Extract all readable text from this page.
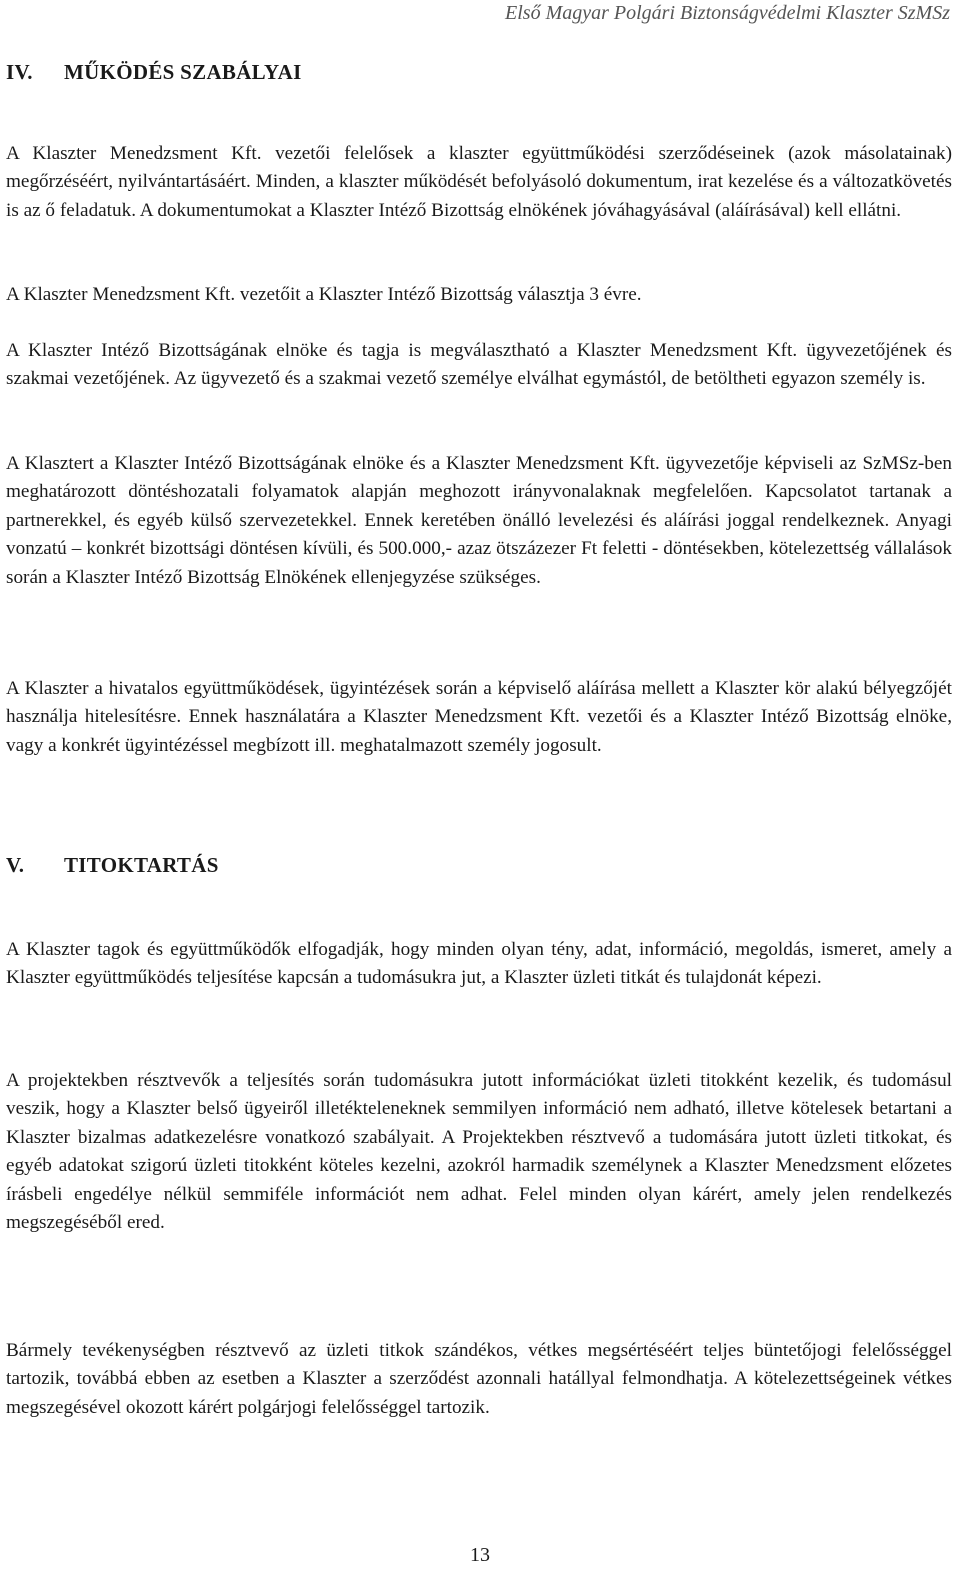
Első Magyar Polgári Biztonságvédelmi Klaszter SzMSz
IV. MŰKÖDÉS SZABÁLYAI

A Klaszter Menedzsment Kft. vezetői felelősek a klaszter együttműködési szerződéseinek (azok másolatainak) megőrzéséért, nyilvántartásáért. Minden, a klaszter működését befolyásoló dokumentum, irat kezelése és a változatkövetés is az ő feladatuk. A dokumentumokat a Klaszter Intéző Bizottság elnökének jóváhagyásával (aláírásával) kell ellátni.

A Klaszter Menedzsment Kft. vezetőit a Klaszter Intéző Bizottság választja 3 évre.

A Klaszter Intéző Bizottságának elnöke és tagja is megválasztható a Klaszter Menedzsment Kft. ügyvezetőjének és szakmai vezetőjének. Az ügyvezető és a szakmai vezető személye elválhat egymástól, de betöltheti egyazon személy is.

A Klasztert a Klaszter Intéző Bizottságának elnöke és a Klaszter Menedzsment Kft. ügyvezetője képviseli az SzMSz-ben meghatározott döntéshozatali folyamatok alapján meghozott irányvonalaknak megfelelően. Kapcsolatot tartanak a partnerekkel, és egyéb külső szervezetekkel. Ennek keretében önálló levelezési és aláírási joggal rendelkeznek. Anyagi vonzatú – konkrét bizottsági döntésen kívüli, és 500.000,- azaz ötszázezer Ft feletti - döntésekben, kötelezettség vállalások során a Klaszter Intéző Bizottság Elnökének ellenjegyzése szükséges.

A Klaszter a hivatalos együttműködések, ügyintézések során a képviselő aláírása mellett a Klaszter kör alakú bélyegzőjét használja hitelesítésre. Ennek használatára a Klaszter Menedzsment Kft. vezetői és a Klaszter Intéző Bizottság elnöke, vagy a konkrét ügyintézéssel megbízott ill. meghatalmazott személy jogosult.

V. TITOKTARTÁS

A Klaszter tagok és együttműködők elfogadják, hogy minden olyan tény, adat, információ, megoldás, ismeret, amely a Klaszter együttműködés teljesítése kapcsán a tudomásukra jut, a Klaszter üzleti titkát és tulajdonát képezi.

A projektekben résztvevők a teljesítés során tudomásukra jutott információkat üzleti titokként kezelik, és tudomásul veszik, hogy a Klaszter belső ügyeiről illetékteleneknek semmilyen információ nem adható, illetve kötelesek betartani a Klaszter bizalmas adatkezelésre vonatkozó szabályait. A Projektekben résztvevő a tudomására jutott üzleti titkokat, és egyéb adatokat szigorú üzleti titokként köteles kezelni, azokról harmadik személynek a Klaszter Menedzsment előzetes írásbeli engedélye nélkül semmiféle információt nem adhat. Felel minden olyan kárért, amely jelen rendelkezés megszegéséből ered.

Bármely tevékenységben résztvevő az üzleti titkok szándékos, vétkes megsértéséért teljes büntetőjogi felelősséggel tartozik, továbbá ebben az esetben a Klaszter a szerződést azonnali hatállyal felmondhatja. A kötelezettségeinek vétkes megszegésével okozott kárért polgárjogi felelősséggel tartozik.

13
